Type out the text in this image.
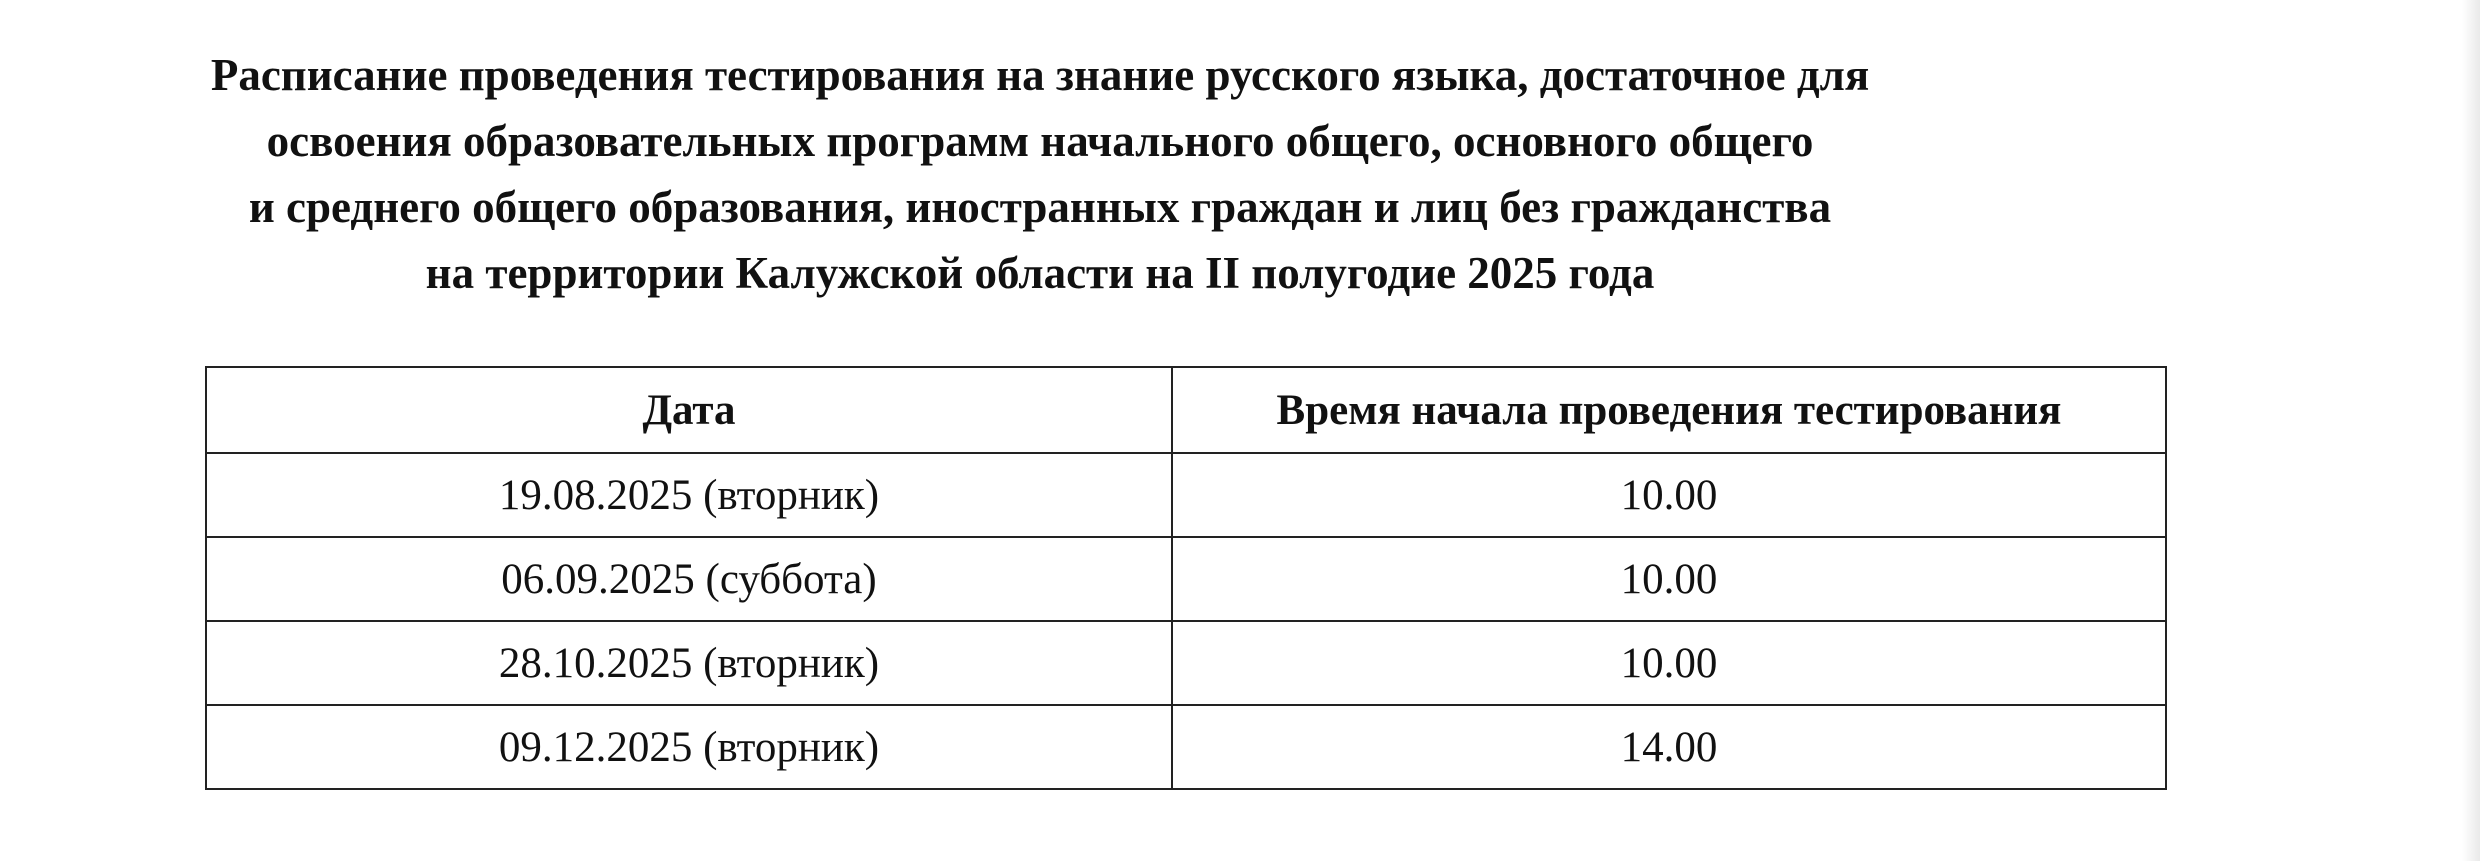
Расписание проведения тестирования на знание русского языка, достаточное для
освоения образовательных программ начального общего, основного общего
и среднего общего образования, иностранных граждан и лиц без гражданства
на территории Калужской области на II полугодие 2025 года
Дата	Время начала проведения тестирования
19.08.2025 (вторник)	10.00
06.09.2025 (суббота)	10.00
28.10.2025 (вторник)	10.00
09.12.2025 (вторник)	14.00
